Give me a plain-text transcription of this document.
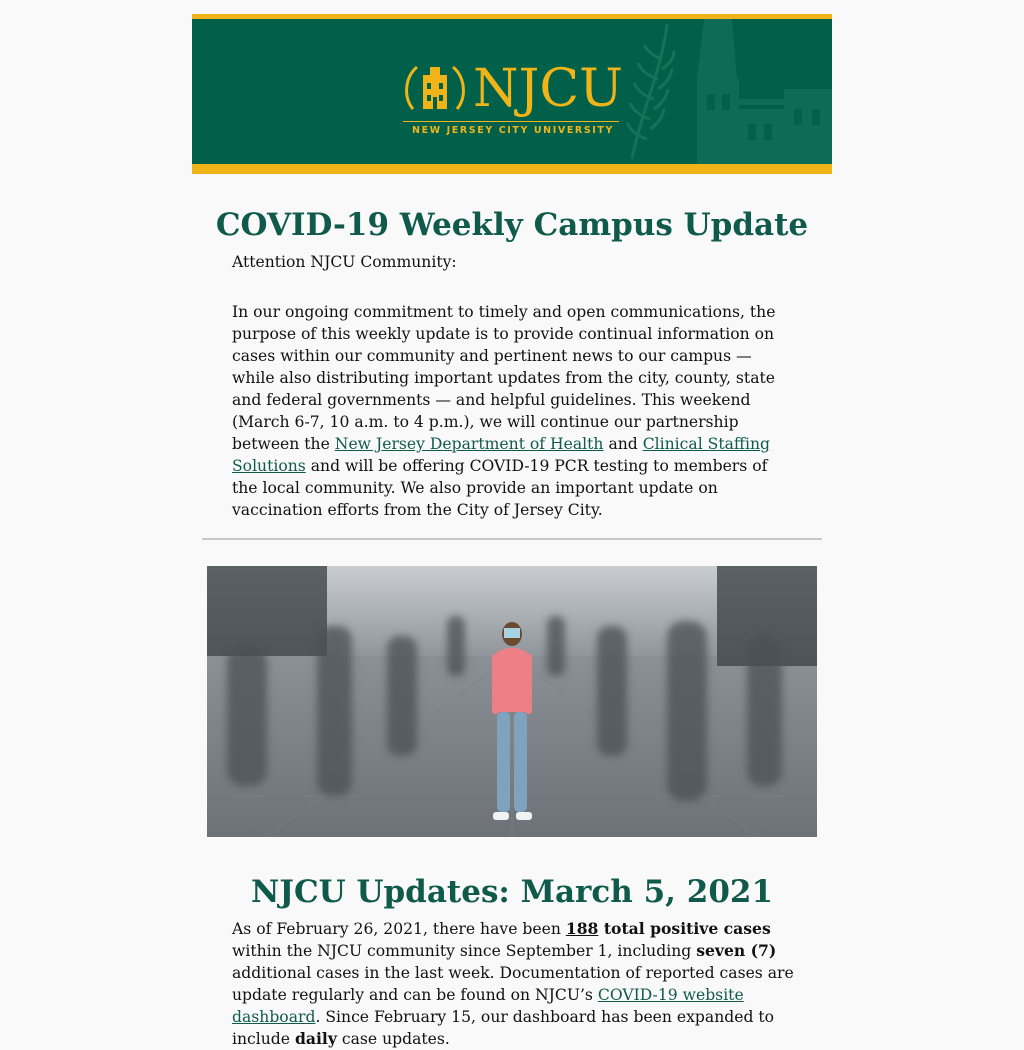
NJCU
NEW JERSEY CITY UNIVERSITY
COVID-19 Weekly Campus Update

Attention NJCU Community:

In our ongoing commitment to timely and open communications, the purpose of this weekly update is to provide continual information on cases within our community and pertinent news to our campus — while also distributing important updates from the city, county, state and federal governments — and helpful guidelines. This weekend (March 6-7, 10 a.m. to 4 p.m.), we will continue our partnership between the New Jersey Department of Health and Clinical Staffing Solutions and will be offering COVID-19 PCR testing to members of the local community. We also provide an important update on vaccination efforts from the City of Jersey City.

NJCU Updates: March 5, 2021

As of February 26, 2021, there have been 188 total positive cases within the NJCU community since September 1, including seven (7) additional cases in the last week. Documentation of reported cases are update regularly and can be found on NJCU’s COVID-19 website dashboard. Since February 15, our dashboard has been expanded to include daily case updates.
